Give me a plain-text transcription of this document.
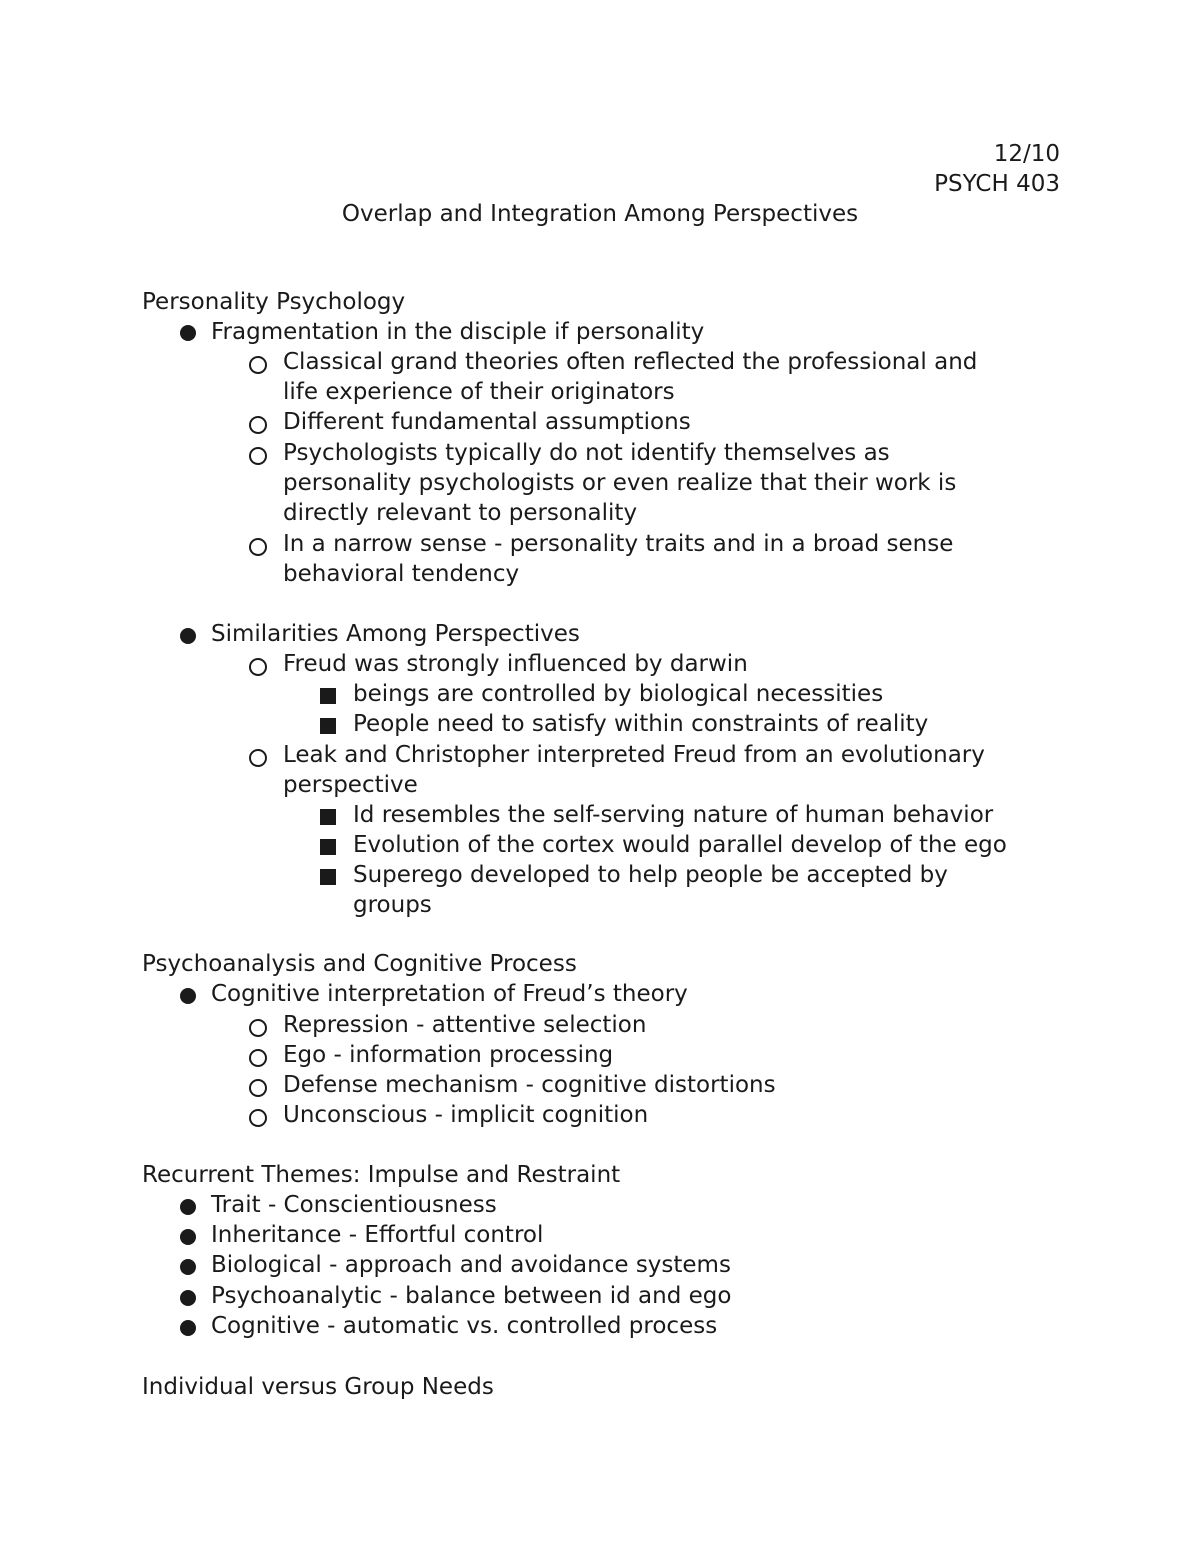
12/10
PSYCH 403
Overlap and Integration Among Perspectives
Personality Psychology
Fragmentation in the disciple if personality
Classical grand theories often reflected the professional and
life experience of their originators
Different fundamental assumptions
Psychologists typically do not identify themselves as
personality psychologists or even realize that their work is
directly relevant to personality
In a narrow sense - personality traits and in a broad sense
behavioral tendency
Similarities Among Perspectives
Freud was strongly influenced by darwin
beings are controlled by biological necessities
People need to satisfy within constraints of reality
Leak and Christopher interpreted Freud from an evolutionary
perspective
Id resembles the self-serving nature of human behavior
Evolution of the cortex would parallel develop of the ego
Superego developed to help people be accepted by
groups
Psychoanalysis and Cognitive Process
Cognitive interpretation of Freud’s theory
Repression - attentive selection
Ego - information processing
Defense mechanism - cognitive distortions
Unconscious - implicit cognition
Recurrent Themes: Impulse and Restraint
Trait - Conscientiousness
Inheritance - Effortful control
Biological - approach and avoidance systems
Psychoanalytic - balance between id and ego
Cognitive - automatic vs. controlled process
Individual versus Group Needs
